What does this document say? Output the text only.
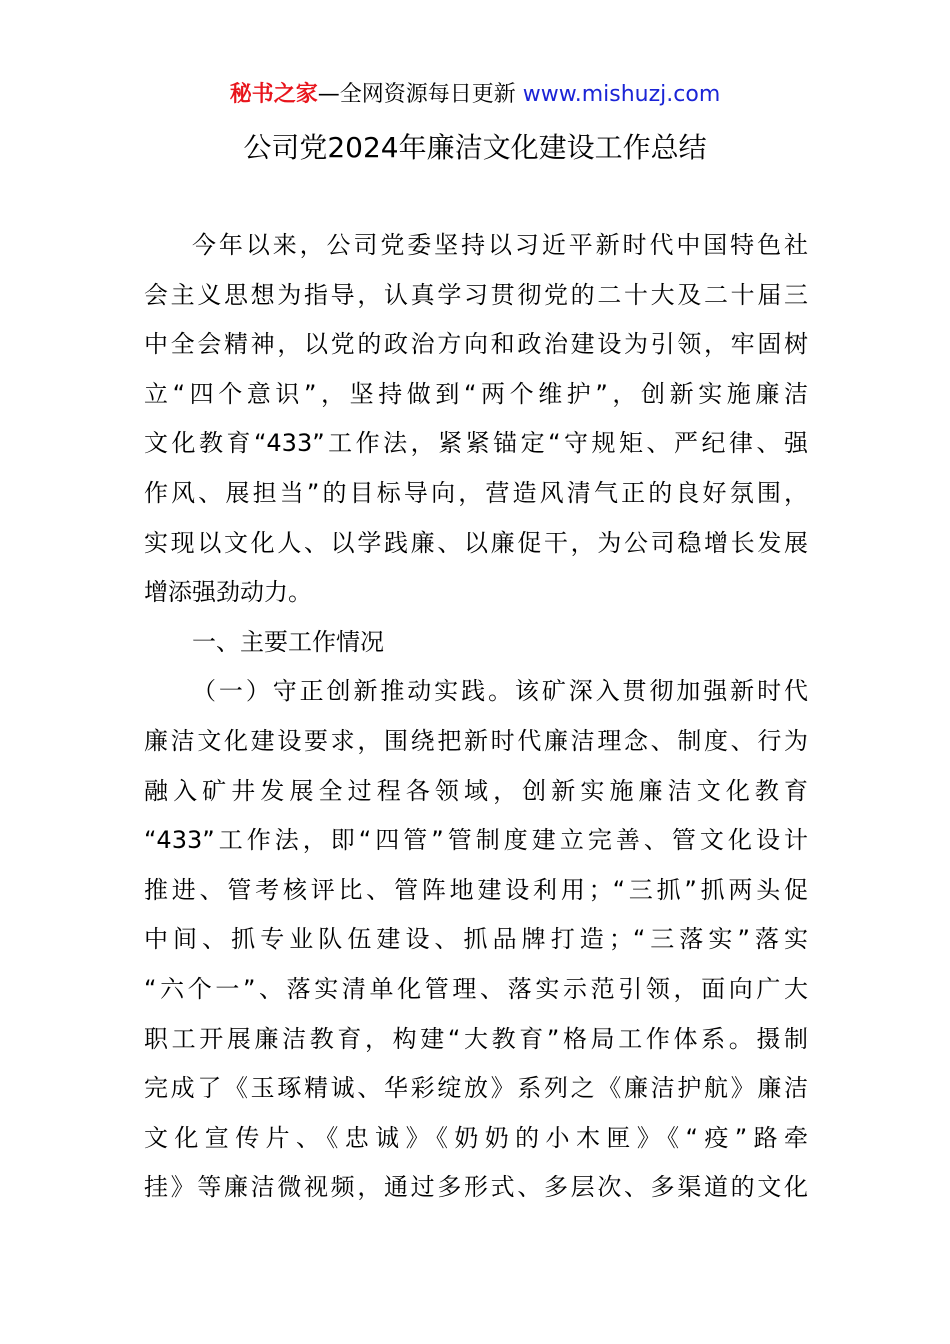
秘书之家—全网资源每日更新 www.mishuzj.com
公司党2024年廉洁文化建设工作总结
今年以来，公司党委坚持以习近平新时代中国特色社
会主义思想为指导，认真学习贯彻党的二十大及二十届三
中全会精神，以党的政治方向和政治建设为引领，牢固树
立“四个意识”，坚持做到“两个维护”，创新实施廉洁
文化教育“433”工作法，紧紧锚定“守规矩、严纪律、强
作风、展担当”的目标导向，营造风清气正的良好氛围，
实现以文化人、以学践廉、以廉促干，为公司稳增长发展
增添强劲动力。
一、主要工作情况
（一）守正创新推动实践。该矿深入贯彻加强新时代
廉洁文化建设要求，围绕把新时代廉洁理念、制度、行为
融入矿井发展全过程各领域，创新实施廉洁文化教育
“433”工作法，即“四管”管制度建立完善、管文化设计
推进、管考核评比、管阵地建设利用；“三抓”抓两头促
中间、抓专业队伍建设、抓品牌打造；“三落实”落实
“六个一”、落实清单化管理、落实示范引领，面向广大
职工开展廉洁教育，构建“大教育”格局工作体系。摄制
完成了《玉琢精诚、华彩绽放》系列之《廉洁护航》廉洁
文化宣传片、《忠诚》《奶奶的小木匣》《“疫”路牵
挂》等廉洁微视频，通过多形式、多层次、多渠道的文化
